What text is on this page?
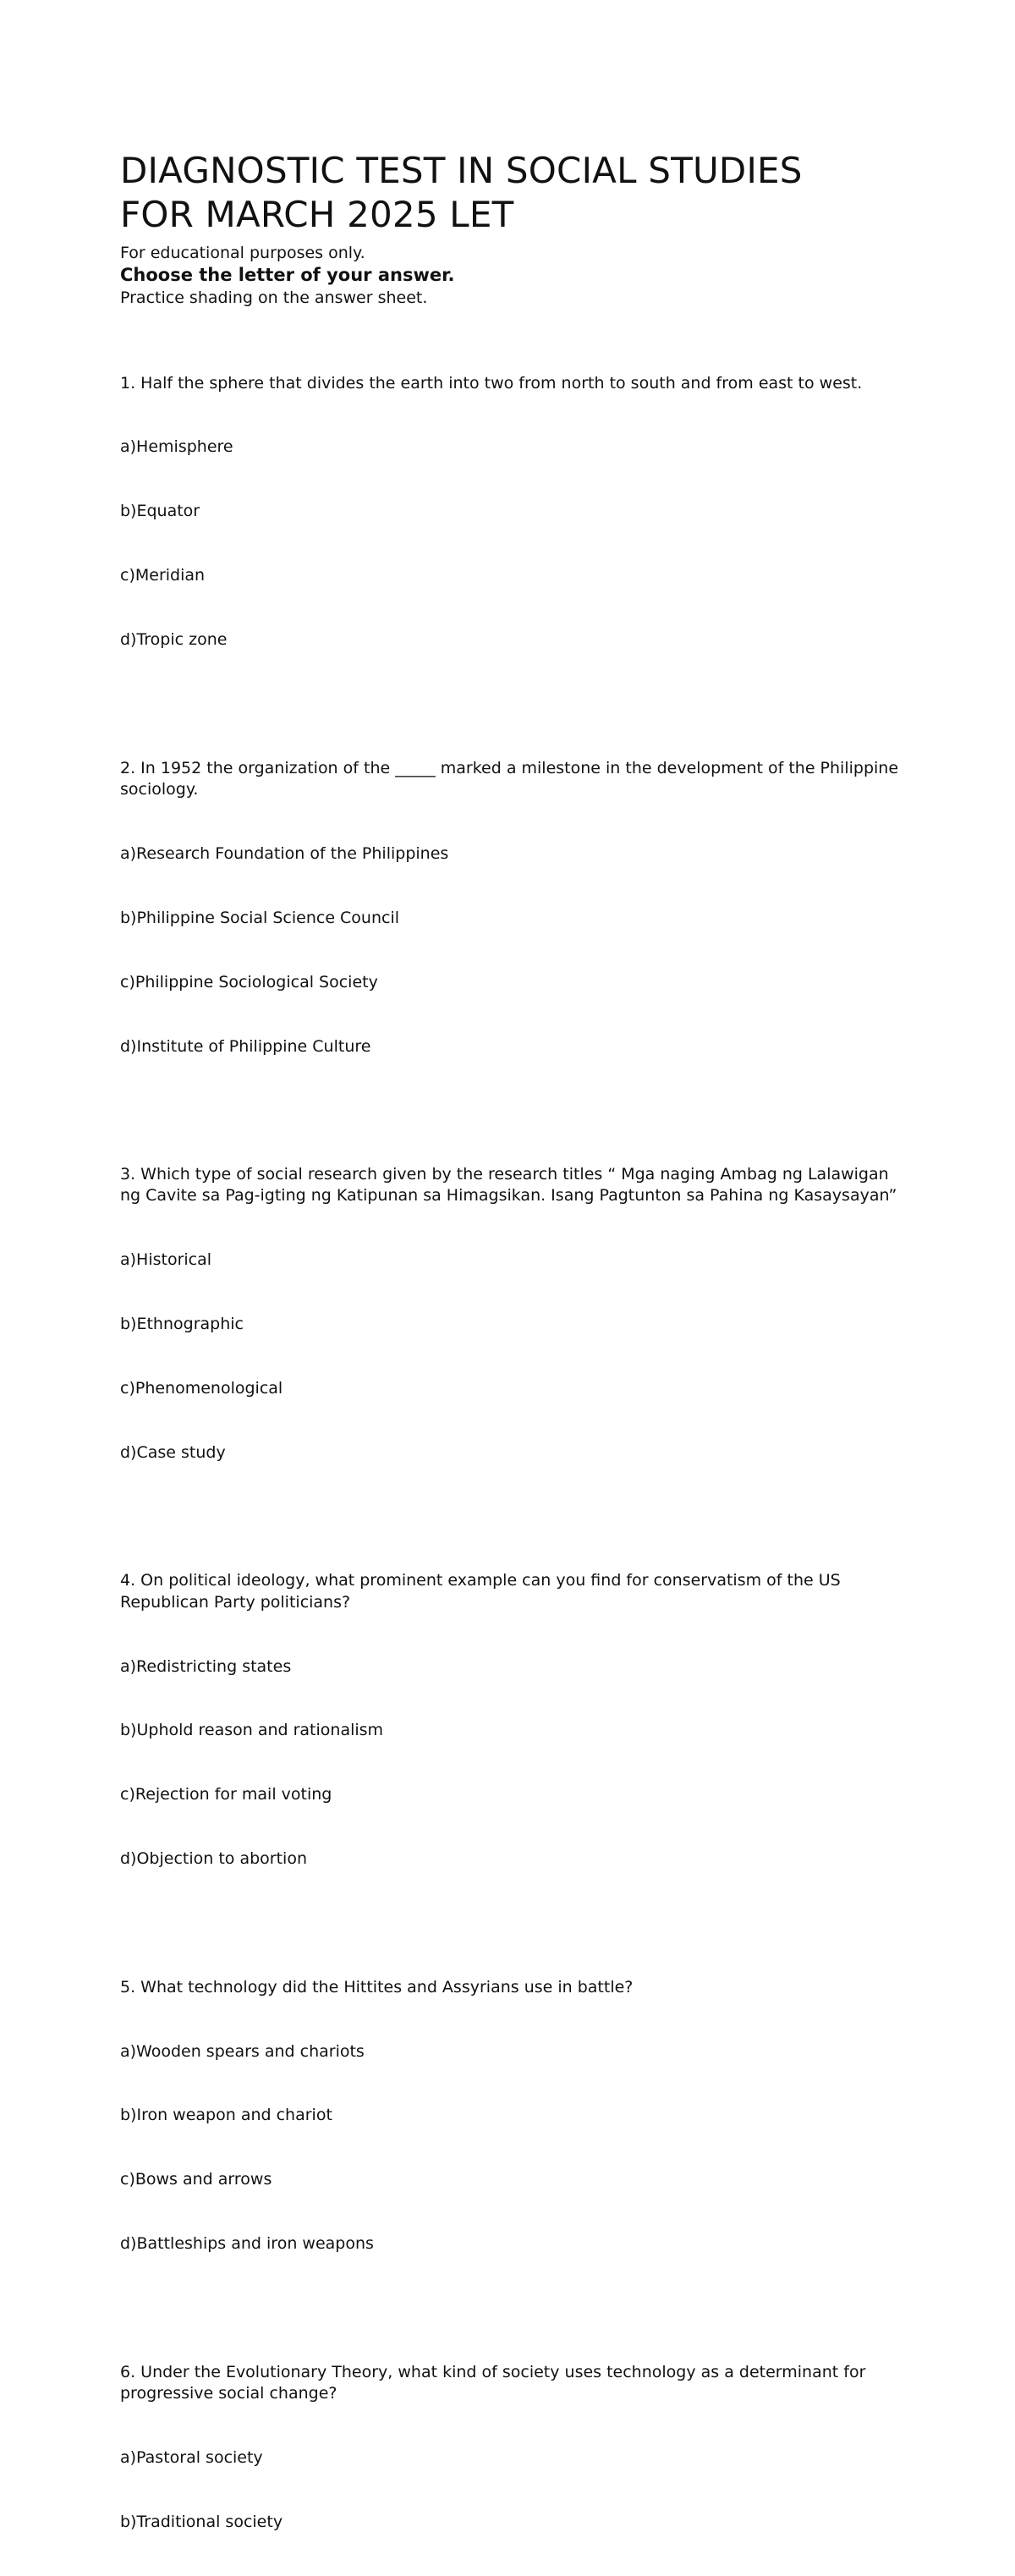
DIAGNOSTIC TEST IN SOCIAL STUDIES
FOR MARCH 2025 LET

For educational purposes only.

Choose the letter of your answer.

Practice shading on the answer sheet.

1. Half the sphere that divides the earth into two from north to south and from east to west.

a)Hemisphere

b)Equator

c)Meridian

d)Tropic zone

2. In 1952 the organization of the _____ marked a milestone in the development of the Philippine sociology.

a)Research Foundation of the Philippines

b)Philippine Social Science Council

c)Philippine Sociological Society

d)Institute of Philippine Culture

3. Which type of social research given by the research titles “ Mga naging Ambag ng Lalawigan ng Cavite sa Pag-igting ng Katipunan sa Himagsikan. Isang Pagtunton sa Pahina ng Kasaysayan”

a)Historical

b)Ethnographic

c)Phenomenological

d)Case study

4. On political ideology, what prominent example can you find for conservatism of the US Republican Party politicians?

a)Redistricting states

b)Uphold reason and rationalism

c)Rejection for mail voting

d)Objection to abortion

5. What technology did the Hittites and Assyrians use in battle?

a)Wooden spears and chariots

b)Iron weapon and chariot

c)Bows and arrows

d)Battleships and iron weapons

6. Under the Evolutionary Theory, what kind of society uses technology as a determinant for progressive social change?

a)Pastoral society

b)Traditional society
